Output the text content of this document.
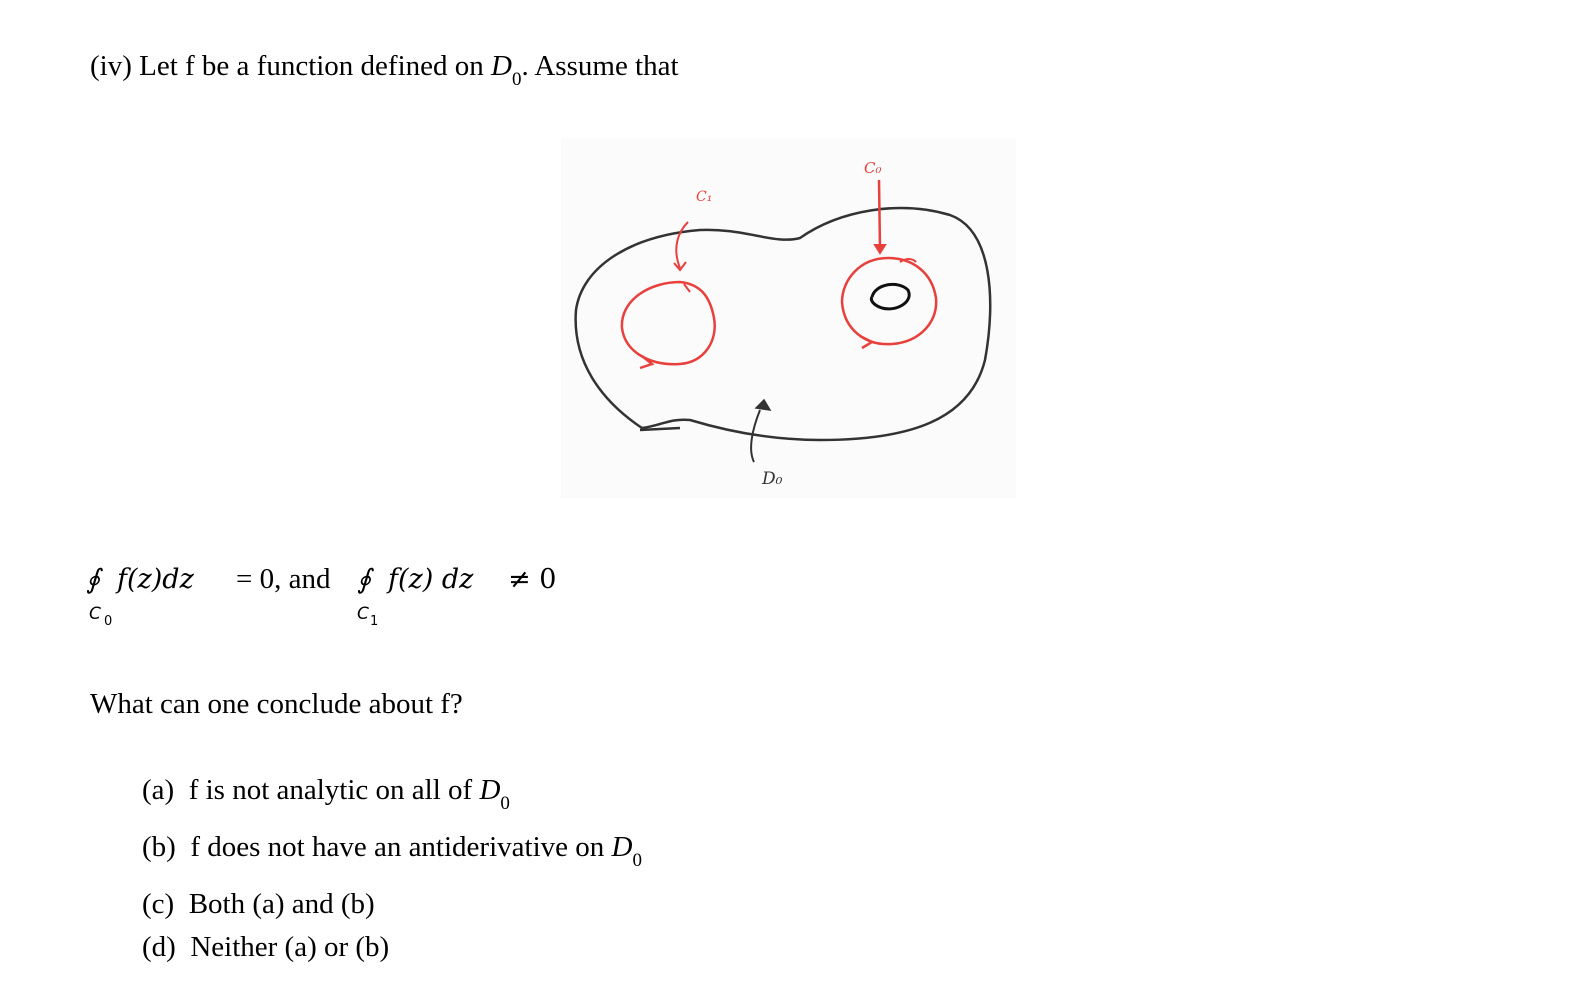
(iv) Let f be a function defined on $D_0$. Assume that
C₁
C₀
D₀
∮ f(z)dz
C 0
= 0, and ∮ f(z) dz
C 1
≠ 0
What can one conclude about f?
(a) f is not analytic on all of $D_0$
(b) f does not have an antiderivative on $D_0$
(c) Both (a) and (b)
(d) Neither (a) or (b)
